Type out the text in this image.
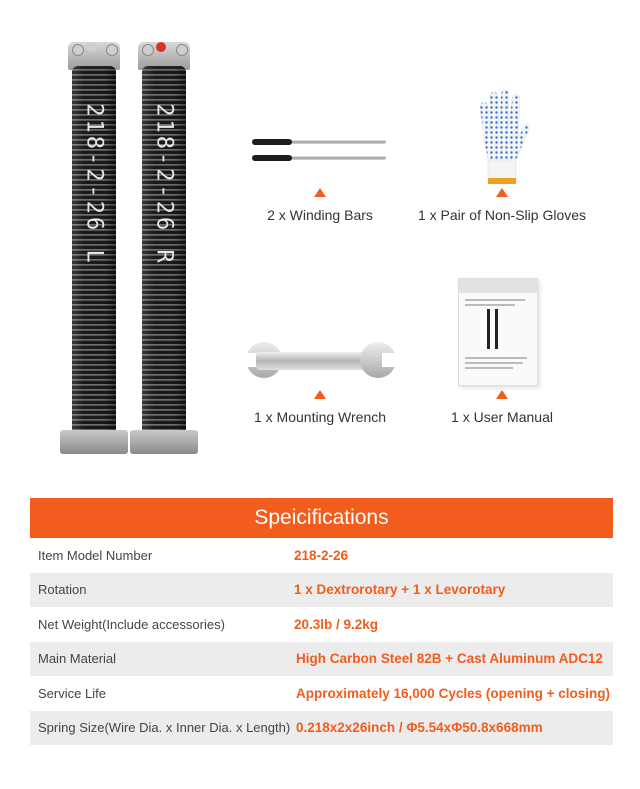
218-2-26 L 218-2-26 R	2 x Winding Bars	1 x Pair of Non-Slip Gloves
1 x Mounting Wrench	1 x User Manual
Speicifications
Item Model Number	218-2-26
Rotation	1 x Dextrorotary + 1 x Levorotary
Net Weight(Include accessories)	20.3lb / 9.2kg
Main Material	High Carbon Steel 82B + Cast Aluminum ADC12
Service Life	Approximately 16,000 Cycles (opening + closing)
Spring Size(Wire Dia. x Inner Dia. x Length) 0.218x2x26inch / Φ5.54xΦ50.8x668mm
